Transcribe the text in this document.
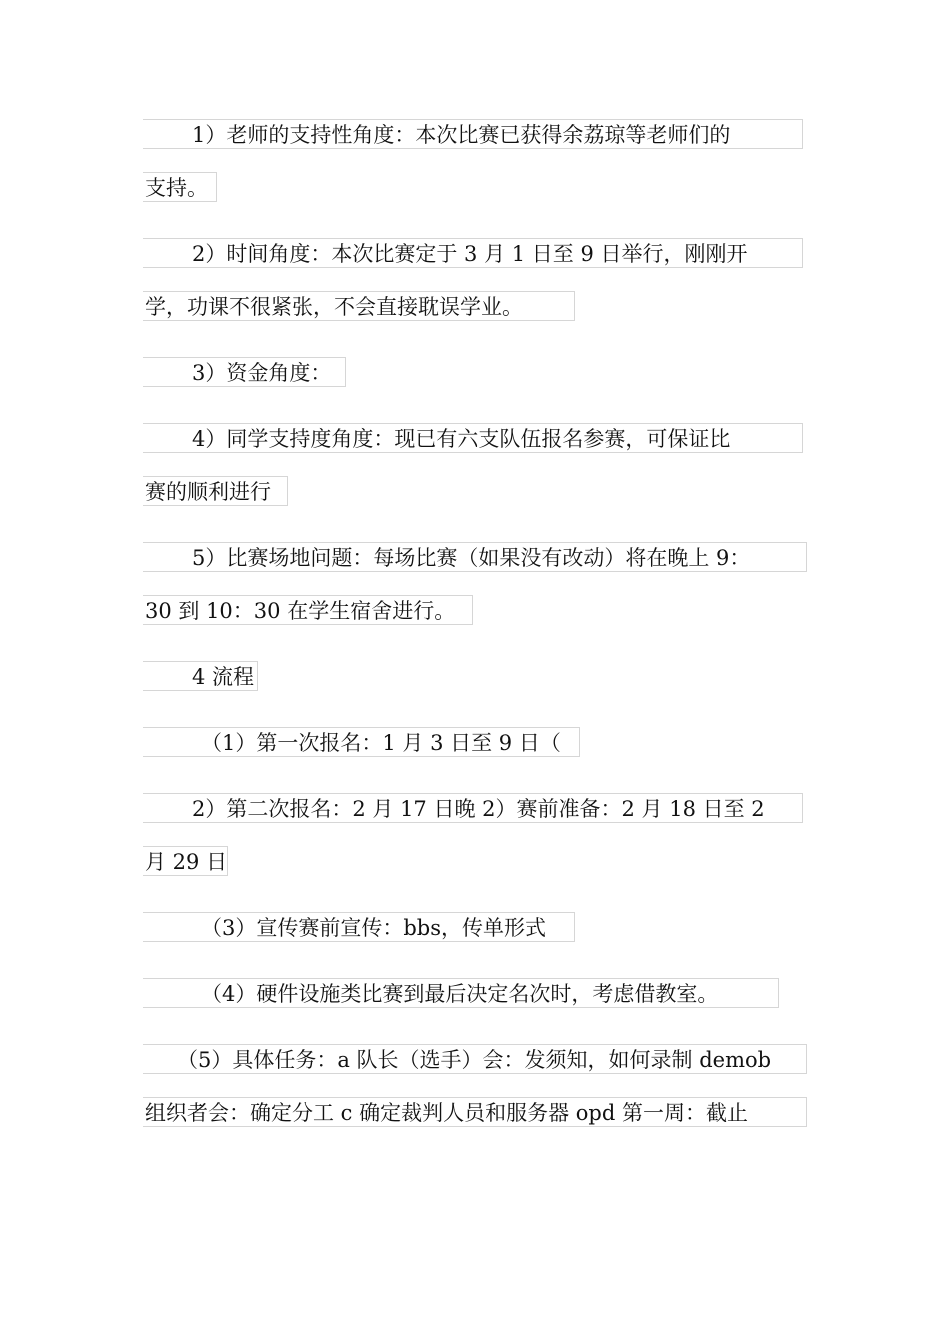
1）老师的支持性角度：本次比赛已获得余荔琼等老师们的
支持。
2）时间角度：本次比赛定于 3 月 1 日至 9 日举行，刚刚开
学，功课不很紧张，不会直接耽误学业。
3）资金角度：
4）同学支持度角度：现已有六支队伍报名参赛，可保证比
赛的顺利进行
5）比赛场地问题：每场比赛（如果没有改动）将在晚上 9：
30 到 10：30 在学生宿舍进行。
4 流程
（1）第一次报名：1 月 3 日至 9 日（
2）第二次报名：2 月 17 日晚 2）赛前准备：2 月 18 日至 2
月 29 日
（3）宣传赛前宣传：bbs，传单形式
（4）硬件设施类比赛到最后决定名次时，考虑借教室。
（5）具体任务：a 队长（选手）会：发须知，如何录制 demob
组织者会：确定分工 c 确定裁判人员和服务器 opd 第一周：截止
